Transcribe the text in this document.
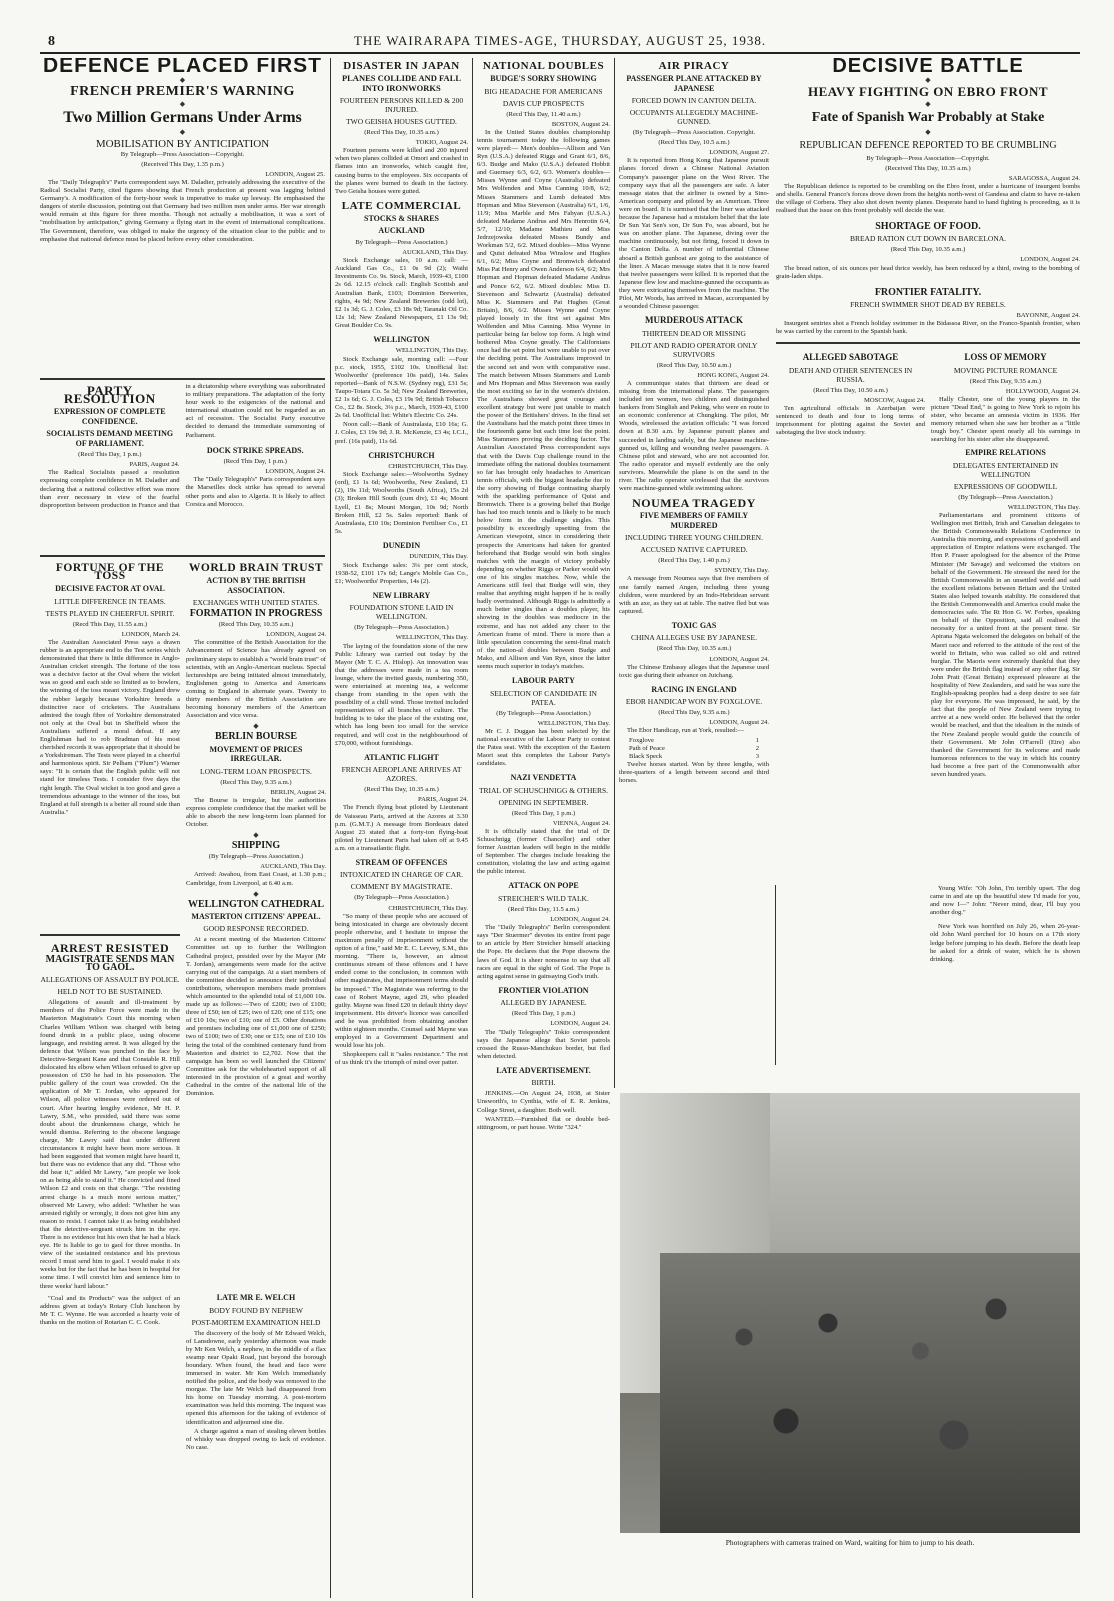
8	THE WAIRARAPA TIMES-AGE, THURSDAY, AUGUST 25, 1938.
DEFENCE PLACED FIRST
◆
FRENCH PREMIER'S WARNING
◆
Two Million Germans Under Arms
◆
MOBILISATION BY ANTICIPATION
By Telegraph—Press Association—Copyright.
(Received This Day, 1.35 p.m.)
LONDON, August 25.

The "Daily Telegraph's" Paris correspondent says M. Daladier, privately addressing the executive of the Radical Socialist Party, cited figures showing that French production at present was lagging behind Germany's. A modification of the forty-hour week is imperative to make up leeway. He emphasised the dangers of sterile discussion, pointing out that Germany had two million men under arms. Her war strength would remain at this figure for three months. Though not actually a mobilisation, it was a sort of "mobilisation by anticipation," giving Germany a flying start in the event of international complications. The Government, therefore, was obliged to make the urgency of the situation clear to the public and to emphasise that national defence must be placed before every other consideration.

PARTY RESOLUTION
EXPRESSION OF COMPLETE CONFIDENCE.
SOCIALISTS DEMAND MEETING OF PARLIAMENT.
(Recd This Day, 1 p.m.)
PARIS, August 24.

The Radical Socialists passed a resolution expressing complete confidence in M. Daladier and declaring that a national collective effort was more than ever necessary in view of the fearful disproportion between production in France and that in a dictatorship where everything was subordinated to military preparations. The adaptation of the forty hour week to the exigencies of the national and international situation could not be regarded as an act of recession. The Socialist Party executive decided to demand the immediate summoning of Parliament.

DOCK STRIKE SPREADS.
(Recd This Day, 1 p.m.)
LONDON, August 24.

The "Daily Telegraph's" Paris correspondent says the Marseilles dock strike has spread to several other ports and also to Algeria. It is likely to affect Corsica and Morocco.

FORTUNE OF THE TOSS
DECISIVE FACTOR AT OVAL
LITTLE DIFFERENCE IN TEAMS.
TESTS PLAYED IN CHEERFUL SPIRIT.
(Recd This Day, 11.55 a.m.)
LONDON, March 24.

The Australian Associated Press says a drawn rubber is an appropriate end to the Test series which demonstrated that there is little difference in Anglo-Australian cricket strength. The fortune of the toss was a decisive factor at the Oval where the wicket was so good and each side so limited as to bowlers, the winning of the toss meant victory. England drew the rubber largely because Yorkshire breeds a distinctive race of cricketers. The Australians admired the tough fibre of Yorkshire demonstrated not only at the Oval but in Sheffield where the Australians suffered a moral defeat. If any Englishman had to rob Bradman of his most cherished records it was appropriate that it should be a Yorkshireman. The Tests were played in a cheerful and harmonious spirit. Sir Pelham ("Plum") Warner says: "It is certain that the English public will not stand for timeless Tests. I consider five days the right length. The Oval wicket is too good and gave a tremendous advantage to the winner of the toss, but England at full strength is a better all round side than Australia."

WORLD BRAIN TRUST
ACTION BY THE BRITISH ASSOCIATION.
EXCHANGES WITH UNITED STATES.
FORMATION IN PROGRESS
(Recd This Day, 10.35 a.m.)
LONDON, August 24.

The committee of the British Association for the Advancement of Science has already agreed on preliminary steps to establish a "world brain trust" of scientists, with an Anglo-American nucleus. Special lectureships are being initiated almost immediately, Englishmen going to America and Americans coming to England in alternate years. Twenty to thirty members of the British Association are becoming honorary members of the American Association and vice versa.

◆
BERLIN BOURSE
MOVEMENT OF PRICES IRREGULAR.
LONG-TERM LOAN PROSPECTS.
(Recd This Day, 9.35 a.m.)
BERLIN, August 24.

The Bourse is irregular, but the authorities express complete confidence that the market will be able to absorb the new long-term loan planned for October.

◆
SHIPPING
(By Telegraph—Press Association.)
AUCKLAND, This Day.

Arrived: Awahou, from East Coast, at 1.30 p.m.; Cambridge, from Liverpool, at 6.40 a.m.

◆
WELLINGTON CATHEDRAL
MASTERTON CITIZENS' APPEAL.
GOOD RESPONSE RECORDED.

At a recent meeting of the Masterton Citizens' Committee set up to further the Wellington Cathedral project, presided over by the Mayor (Mr T. Jordan), arrangements were made for the active carrying out of the campaign. At a start members of the committee decided to announce their individual contributions, whereupon members made promises which amounted to the splendid total of £1,600 10s. made up as follows:—Two of £200; two of £100; three of £50; ten of £25; two of £20; one of £15; one of £10 10s; two of £10; one of £5. Other donations and promises including one of £1,000 one of £250; two of £100; two of £30; one or £15; one of £10 10s bring the total of the combined centenary fund from Masterton and district to £2,702. Now that the campaign has been so well launched the Citizens' Committee ask for the wholehearted support of all interested in the provision of a great and worthy Cathedral in the centre of the national life of the Dominion.

ARREST RESISTED
MAGISTRATE SENDS MAN TO GAOL.
ALLEGATIONS OF ASSAULT BY POLICE.
HELD NOT TO BE SUSTAINED.

Allegations of assault and ill-treatment by members of the Police Force were made in the Masterton Magistrate's Court this morning when Charles William Wilson was charged with being found drunk in a public place, using obscene language, and resisting arrest. It was alleged by the defence that Wilson was punched in the face by Detective-Sergeant Kane and that Constable R. Hill dislocated his elbow when Wilson refused to give up possession of £50 he had in his possession. The public gallery of the court was crowded. On the application of Mr T. Jordan, who appeared for Wilson, all police witnesses were ordered out of court. After hearing lengthy evidence, Mr H. P. Lawry, S.M., who presided, said there was some doubt about the drunkenness charge, which he would dismiss. Referring to the obscene language charge, Mr Lawry said that under different circumstances it might have been more serious. It had been suggested that women might have heard it, but there was no evidence that any did. "Those who did hear it," added Mr Lawry, "are people we look on as being able to stand it." He convicted and fined Wilson £2 and costs on that charge. "The resisting arrest charge is a much more serious matter," observed Mr Lawry, who added: "Whether he was arrested rightly or wrongly, it does not give him any reason to resist. I cannot take it as being established that the detective-sergeant struck him in the eye. There is no evidence but his own that he had a black eye. He is liable to go to gaol for three months. In view of the sustained resistance and his previous record I must send him to gaol. I would make it six weeks but for the fact that he has been in hospital for some time. I will convict him and sentence him to three weeks' hard labour."

"Coal and its Products" was the subject of an address given at today's Rotary Club luncheon by Mr T. C. Wynne. He was accorded a hearty vote of thanks on the motion of Rotarian C. C. Cook.

DISASTER IN JAPAN
PLANES COLLIDE AND FALL INTO IRONWORKS
FOURTEEN PERSONS KILLED & 200 INJURED.
TWO GEISHA HOUSES GUTTED.
(Recd This Day, 10.35 a.m.)
TOKIO, August 24.

Fourteen persons were killed and 200 injured when two planes collided at Omori and crashed in flames into an ironworks, which caught fire, causing burns to the employees. Six occupants of the planes were burned to death in the factory. Two Geisha houses were gutted.

LATE COMMERCIAL
STOCKS & SHARES
AUCKLAND
By Telegraph—Press Association.)
AUCKLAND, This Day.

Stock Exchange sales, 10 a.m. call: —Auckland Gas Co., £1 0s 9d (2); Waihi Investments Co. 9s. Stock, March, 1939-43, £100 2s 6d. 12.15 o'clock call: English Scottish and Australian Bank, £103; Dominion Breweries, rights, 4s 9d; New Zealand Breweries (odd lot), £2 1s 3d; G. J. Coles, £3 18s 9d; Taranaki Oil Co. 12s 1d; New Zealand Newspapers, £1 13s 9d; Great Boulder Co. 9s.

WELLINGTON
WELLINGTON, This Day.

Stock Exchange sale, morning call: —Four p.c. stock, 1955, £102 10s. Unofficial list: Woolworths' (preference 10s paid), 14s. Sales reported—Bank of N.S.W. (Sydney reg), £31 5s; Taupo-Totara Co. 5s 3d; New Zealand Breweries, £2 1s 6d; G. J. Coles, £3 19s 9d; British Tobacco Co., £2 8s. Stock, 3¼ p.c., March, 1939-43, £100 2s 6d. Unofficial list: White's Electric Co. 24s.

Noon call:—Bank of Australasia, £10 16s; G. J. Coles, £3 19s 9d; J. R. McKenzie, £3 4s; I.C.I., pref. (16s paid), 11s 6d.

CHRISTCHURCH
CHRISTCHURCH, This Day.

Stock Exchange sales:—Woolworths Sydney (ord), £1 1s 6d; Woolworths, New Zealand, £1 (2), 19s 11d; Woolworths (South Africa), 15s 2d (3); Broken Hill South (cum div), £1 4s; Mount Lyell, £1 8s; Mount Morgan, 10s 9d; North Broken Hill, £2 5s. Sales reported: Bank of Australasia, £10 10s; Dominion Fertiliser Co., £1 5s.

DUNEDIN
DUNEDIN, This Day.

Stock Exchange sales: 3¼ per cent stock, 1938-52, £101 17s 6d; Lange's Mobile Gas Co., £1; Woolworths' Properties, 14s (2).

NEW LIBRARY
FOUNDATION STONE LAID IN WELLINGTON.
(By Telegraph—Press Association.)
WELLINGTON, This Day.

The laying of the foundation stone of the new Public Library was carried out today by the Mayor (Mr T. C. A. Hislop). An innovation was that the addresses were made in a tea room lounge, where the invited guests, numbering 350, were entertained at morning tea, a welcome change from standing in the open with the possibility of a chill wind. Those invited included representatives of all branches of culture. The building is to take the place of the existing one, which has long been too small for the service required, and will cost in the neighbourhood of £70,000, without furnishings.

ATLANTIC FLIGHT
FRENCH AEROPLANE ARRIVES AT AZORES.
(Recd This Day, 10.35 a.m.)
PARIS, August 24.

The French flying boat piloted by Lieutenant de Vaisseau Paris, arrived at the Azores at 3.30 p.m. (G.M.T.) A message from Bordeaux dated August 23 stated that a forty-ton flying-boat piloted by Lieutenant Paris had taken off at 9.45 a.m. on a transatlantic flight.

STREAM OF OFFENCES
INTOXICATED IN CHARGE OF CAR.
COMMENT BY MAGISTRATE.
(By Telegraph—Press Association.)
CHRISTCHURCH, This Day.

"So many of these people who are accused of being intoxicated in charge are obviously decent people otherwise, and I hesitate to impose the maximum penalty of imprisonment without the option of a fine," said Mr E. C. Levvey, S.M., this morning. "There is, however, an almost continuous stream of these offences and I have ended come to the conclusion, in common with other magistrates, that imprisonment terms should be imposed." The Magistrate was referring to the case of Robert Mayne, aged 29, who pleaded guilty. Mayne was fined £20 in default thirty days' imprisonment. His driver's licence was cancelled and he was prohibited from obtaining another within eighteen months. Counsel said Mayne was employed in a Government Department and would lose his job.

Shopkeepers call it "sales resistance." The rest of us think it's the triumph of mind over patter.

LATE MR E. WELCH
BODY FOUND BY NEPHEW
POST-MORTEM EXAMINATION HELD

The discovery of the body of Mr Edward Welch, of Lansdowne, early yesterday afternoon was made by Mr Ken Welch, a nephew, in the middle of a flax swamp near Opaki Road, just beyond the borough boundary. When found, the head and face were immersed in water. Mr Ken Welch immediately notified the police, and the body was removed to the morgue. The late Mr Welch had disappeared from his home on Tuesday morning. A post-mortem examination was held this morning. The inquest was opened this afternoon for the taking of evidence of identification and adjourned sine die.

A charge against a man of stealing eleven bottles of whisky was dropped owing to lack of evidence. No case.

NATIONAL DOUBLES
BUDGE'S SORRY SHOWING
BIG HEADACHE FOR AMERICANS
DAVIS CUP PROSPECTS
(Recd This Day, 11.40 a.m.)
BOSTON, August 24.

In the United States doubles championship tennis tournament today the following games were played:— Men's doubles—Allison and Van Ryn (U.S.A.) defeated Riggs and Grant 6/1, 8/6, 6/3. Budge and Mako (U.S.A.) defeated Hobbit and Guernsey 6/3, 6/2, 6/3. Women's doubles—Misses Wynne and Coyne (Australia) defeated Mrs Wolfenden and Miss Canning 10/8, 6/2; Misses Stammers and Lumb defeated Mrs Hopman and Miss Stevenson (Australia) 6/1, 1/6, 11/9; Miss Marble and Mrs Fabyan (U.S.A.) defeated Madame Andrus and Mrs Henrotin 6/4, 5/7, 12/10; Madame Mathieu and Miss Jedrzejowska defeated Misses Bundy and Workman 5/2, 6/2. Mixed doubles—Miss Wynne and Quist defeated Miss Winslow and Hughes 6/1, 6/2; Miss Coyne and Bromwich defeated Miss Pat Henry and Owen Anderson 6/4, 6/2; Mrs Hopman and Hopman defeated Madame Andrus and Ponce 6/2, 6/2. Mixed doubles: Miss D. Stevenson and Schwartz (Australia) defeated Miss K. Stammers and Pat Hughes (Great Britain), 8/6, 6/2. Misses Wynne and Coyne played loosely in the first set against Mrs Wolfenden and Miss Canning. Miss Wynne in particular being far below top form. A high wind bothered Miss Coyne greatly. The Californians once had the set point but were unable to put over the deciding point. The Australians improved in the second set and won with comparative ease. The match between Misses Stammers and Lumb and Mrs Hopman and Miss Stevenson was easily the most exciting so far in the women's division. The Australians showed great courage and excellent strategy but were just unable to match the power of the Britishers' drives. In the final set the Australians had the match point three times in the fourteenth game but each time lost the point. Miss Stammers proving the deciding factor. The Australian Associated Press correspondent says that with the Davis Cup challenge round in the immediate offing the national doubles tournament so far has brought only headaches to American tennis officials, with the biggest headache due to the sorry showing of Budge contrasting sharply with the sparkling performance of Quist and Bromwich. There is a growing belief that Budge has had too much tennis and is likely to be much below form in the challenge singles. This possibility is exceedingly upsetting from the American viewpoint, since in considering their prospects the Americans had taken for granted beforehand that Budge would win both singles matches with the margin of victory probably depending on whether Riggs or Parker would win one of his singles matches. Now, while the Americans still feel that Budge will win, they realise that anything might happen if he is really badly overtrained. Although Riggs is admittedly a much better singles than a doubles player, his showing in the doubles was mediocre in the extreme, and has not added any cheer to the American frame of mind. There is more than a little speculation concerning the semi-final match of the nation-al doubles between Budge and Mako, and Allison and Van Ryn, since the latter seems much superior in today's matches.

LABOUR PARTY
SELECTION OF CANDIDATE IN PATEA.
(By Telegraph—Press Association.)
WELLINGTON, This Day.

Mr C. J. Duggan has been selected by the national executive of the Labour Party to contest the Patea seat. With the exception of the Eastern Maori seat this completes the Labour Party's candidates.

NAZI VENDETTA
TRIAL OF SCHUSCHNIGG & OTHERS.
OPENING IN SEPTEMBER.
(Recd This Day, 1 p.m.)
VIENNA, August 24.

It is officially stated that the trial of Dr Schuschnigg (former Chancellor) and other former Austrian leaders will begin in the middle of September. The charges include breaking the constitution, violating the law and acting against the public interest.

ATTACK ON POPE
STREICHER'S WILD TALK.
(Recd This Day, 11.5 a.m.)
LONDON, August 24.

The "Daily Telegraph's" Berlin correspondent says "Der Stuermer" devotes its entire front page to an article by Herr Streicher himself attacking the Pope. He declares that the Pope disowns the laws of God. It is sheer nonsense to say that all races are equal in the sight of God. The Pope is acting against sense in gainsaying God's truth.

FRONTIER VIOLATION
ALLEGED BY JAPANESE.
(Recd This Day, 1 p.m.)
LONDON, August 24.

The "Daily Telegraph's" Tokio correspondent says the Japanese allege that Soviet patrols crossed the Russo-Manchukuo border, but fled when detected.

LATE ADVERTISEMENT.
BIRTH.

JENKINS.—On August 24, 1938, at Sister Unsworth's, to Cynthia, wife of E. R. Jenkins, College Street, a daughter. Both well.

WANTED.—Furnished flat or double bed-sittingroom, or part house. Write "324."

AIR PIRACY
PASSENGER PLANE ATTACKED BY JAPANESE
FORCED DOWN IN CANTON DELTA.
OCCUPANTS ALLEGEDLY MACHINE-GUNNED.
(By Telegraph—Press Association. Copyright.
(Recd This Day, 10.5 a.m.)
LONDON, August 27.

It is reported from Hong Kong that Japanese pursuit planes forced down a Chinese National Aviation Company's passenger plane on the West River. The company says that all the passengers are safe. A later message states that the airliner is owned by a Sino-American company and piloted by an American. Three were on board. It is surmised that the liner was attacked because the Japanese had a mistaken belief that the late Dr Sun Yat Sen's son, Dr Sun Fo, was aboard, but he was on another plane. The Japanese, diving over the machine continuously, but not firing, forced it down in the Canton Delta. A number of influential Chinese aboard a British gunboat are going to the assistance of the liner. A Macao message states that it is now feared that twelve passengers were killed. It is reported that the Japanese flew low and machine-gunned the occupants as they were extricating themselves from the machine. The Pilot, Mr Woods, has arrived in Macao, accompanied by a wounded Chinese passenger.

MURDEROUS ATTACK
THIRTEEN DEAD OR MISSING
PILOT AND RADIO OPERATOR ONLY SURVIVORS
(Recd This Day, 10.50 a.m.)
HONG KONG, August 24.

A communique states that thirteen are dead or missing from the international plane. The passengers included ten women, two children and distinguished bankers from Singlish and Peking, who were en route to an economic conference at Chungking. The pilot, Mr Woods, wirelessed the aviation officials: "I was forced down at 8.30 a.m. by Japanese pursuit planes and succeeded in landing safely, but the Japanese machine-gunned us, killing and wounding twelve passengers. A Chinese pilot and steward, who are not accounted for. The radio operator and myself evidently are the only survivors. Meanwhile the plane is on the sand in the river. The radio operator wirelessed that the survivors were machine-gunned while swimming ashore.

NOUMEA TRAGEDY
FIVE MEMBERS OF FAMILY MURDERED
INCLUDING THREE YOUNG CHILDREN.
ACCUSED NATIVE CAPTURED.
(Recd This Day, 1.40 p.m.)
SYDNEY, This Day.

A message from Noumea says that five members of one family named Angen, including three young children, were murdered by an Indo-Hebridean servant with an axe, as they sat at table. The native fled but was captured.

TOXIC GAS
CHINA ALLEGES USE BY JAPANESE.
(Recd This Day, 10.35 a.m.)
LONDON, August 24.

The Chinese Embassy alleges that the Japanese used toxic gas during their advance on Juichang.

RACING IN ENGLAND
EBOR HANDICAP WON BY FOXGLOVE.
(Recd This Day, 9.35 a.m.)
LONDON, August 24.

The Ebor Handicap, run at York, resulted:—

Foxglove	1
Path of Peace	2
Black Speck	3

Twelve horses started. Won by three lengths, with three-quarters of a length between second and third horses.

DECISIVE BATTLE
◆
HEAVY FIGHTING ON EBRO FRONT
◆
Fate of Spanish War Probably at Stake
◆
REPUBLICAN DEFENCE REPORTED TO BE CRUMBLING
By Telegraph—Press Association—Copyright.
(Received This Day, 10.35 a.m.)
SARAGOSSA, August 24.

The Republican defence is reported to be crumbling on the Ebro front, under a hurricane of insurgent bombs and shells. General Franco's forces drove down from the heights north-west of Gandesa and claim to have re-taken the village of Corbera. They also shot down twenty planes. Desperate hand to hand fighting is proceeding, as it is realised that the issue on this front probably will decide the war.

SHORTAGE OF FOOD.
BREAD RATION CUT DOWN IN BARCELONA.
(Recd This Day, 10.35 a.m.)
LONDON, August 24.

The bread ration, of six ounces per head thrice weekly, has been reduced by a third, owing to the bombing of grain-laden ships.

FRONTIER FATALITY.
FRENCH SWIMMER SHOT DEAD BY REBELS.
BAYONNE, August 24.

Insurgent sentries shot a French holiday swimmer in the Bidassoa River, on the Franco-Spanish frontier, when he was carried by the current to the Spanish bank.

ALLEGED SABOTAGE
DEATH AND OTHER SENTENCES IN RUSSIA.
(Recd This Day, 10.50 a.m.)
MOSCOW, August 24.

Ten agricultural officials in Azerbaijan were sentenced to death and four to long terms of imprisonment for plotting against the Soviet and sabotaging the live stock industry.

LOSS OF MEMORY
MOVING PICTURE ROMANCE
(Recd This Day, 9.35 a.m.)
HOLLYWOOD, August 24.

Hally Chester, one of the young players in the picture "Dead End," is going to New York to rejoin his sister, who became an amnesia victim in 1936. Her memory returned when she saw her brother as a "little tough boy." Chester spent nearly all his earnings in searching for his sister after she disappeared.

EMPIRE RELATIONS
DELEGATES ENTERTAINED IN WELLINGTON
EXPRESSIONS OF GOODWILL
(By Telegraph—Press Association.)
WELLINGTON, This Day.

Parliamentarians and prominent citizens of Wellington met British, Irish and Canadian delegates to the British Commonwealth Relations Conference in Australia this morning, and expressions of goodwill and appreciation of Empire relations were exchanged. The Hon P. Fraser apologised for the absence of the Prime Minister (Mr Savage) and welcomed the visitors on behalf of the Government. He stressed the need for the British Commonwealth in an unsettled world and said the excellent relations between Britain and the United States also helped towards stability. He considered that the British Commonwealth and America could make the democracies safe. The Rt Hon G. W. Forbes, speaking on behalf of the Opposition, said all realised the necessity for a united front at the present time. Sir Apirana Ngata welcomed the delegates on behalf of the Maori race and referred to the attitude of the rest of the world to Britain, who was called so old and retired burglar. The Maoris were extremely thankful that they were under the British flag instead of any other flag. Sir John Pratt (Great Britain) expressed pleasure at the hospitality of New Zealanders, and said he was sure the English-speaking peoples had a deep desire to see fair play for everyone. He was impressed, he said, by the fact that the people of New Zealand were trying to arrive at a new world order. He believed that the order would be reached, and that the idealism in the minds of the New Zealand people would guide the councils of their Government. Mr John O'Farrell (Eire) also thanked the Government for its welcome and made humorous references to the way in which his country had become a free part of the Commonwealth after seven hundred years.

Young Wife: "Oh John, I'm terribly upset. The dog came in and ate up the beautiful stew I'd made for you, and now I—" John: "Never mind, dear, I'll buy you another dog."

New York was horrified on July 26, when 26-year-old John Ward perched for 10 hours on a 17th story ledge before jumping to his death. Before the death leap he asked for a drink of water, which he is shown drinking.

Photographers with cameras trained on Ward, waiting for him to jump to his death.
